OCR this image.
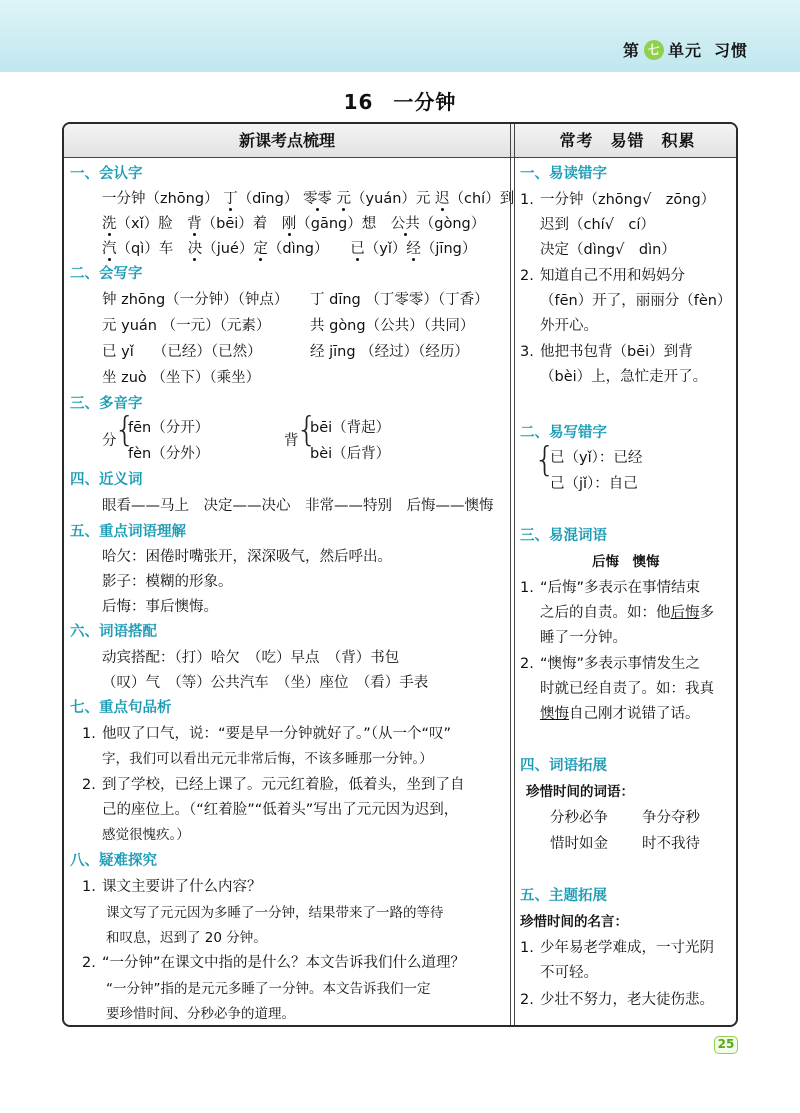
第 七 单元 习惯
16 一分钟
新课考点梳理	常考　易错　积累
一、会认字
一分钟（zhōng） 丁（dīng） 零零 元（yuán）元 迟（chí）到
洗（xǐ）脸　 背（bēi）着　 刚（gāng）想　 公共（gòng）
汽（qì）车　 决（jué）定（dìng）　　 已（yǐ）经（jīng）
二、会写字
钟 zhōng（一分钟）（钟点） 丁 dīng （丁零零）（丁香）
元 yuán （一元）（元素）	共 gòng（公共）（共同）
已 yǐ　 （已经）（已然）	经 jīng （经过）（经历）
坐 zuò （坐下）（乘坐）
三、多音字
分
{
fēn（分开）
fèn（分外）
背
{
bēi（背起）
bèi（后背）
四、近义词
眼看——马上　决定——决心　非常——特别　后悔——懊悔
五、重点词语理解
哈欠：困倦时嘴张开，深深吸气，然后呼出。
影子：模糊的形象。
后悔：事后懊悔。
六、词语搭配
动宾搭配：（打）哈欠　（吃）早点　（背）书包
（叹）气　（等）公共汽车　（坐）座位　（看）手表
七、重点句品析
1. 他叹了口气，说：“要是早一分钟就好了。”（从一个“叹”
字，我们可以看出元元非常后悔，不该多睡那一分钟。）
2. 到了学校，已经上课了。元元红着脸，低着头，坐到了自
己的座位上。（“红着脸”“低着头”写出了元元因为迟到，
感觉很愧疚。）
八、疑难探究
1. 课文主要讲了什么内容？
课文写了元元因为多睡了一分钟，结果带来了一路的等待
和叹息，迟到了 20 分钟。
2. “一分钟”在课文中指的是什么？本文告诉我们什么道理？
“一分钟”指的是元元多睡了一分钟。本文告诉我们一定
要珍惜时间、分秒必争的道理。
一、易读错字
1. 一分钟（zhōng√　zōng）
迟到（chí√　cí）
决定（dìng√　dìn）
2. 知道自己不用和妈妈分
（fēn）开了，丽丽分（fèn）
外开心。
3. 他把书包背（bēi）到背
（bèi）上，急忙走开了。
二、易写错字
{
已（yǐ）：已经
己（jǐ）：自己
三、易混词语
后悔　懊悔
1. “后悔”多表示在事情结束
之后的自责。如：他后悔多
睡了一分钟。
2. “懊悔”多表示事情发生之
时就已经自责了。如：我真
懊悔自己刚才说错了话。
四、词语拓展
珍惜时间的词语：
分秒必争 争分夺秒
惜时如金 时不我待
五、主题拓展
珍惜时间的名言：
1. 少年易老学难成，一寸光阴
不可轻。
2. 少壮不努力，老大徒伤悲。
25
